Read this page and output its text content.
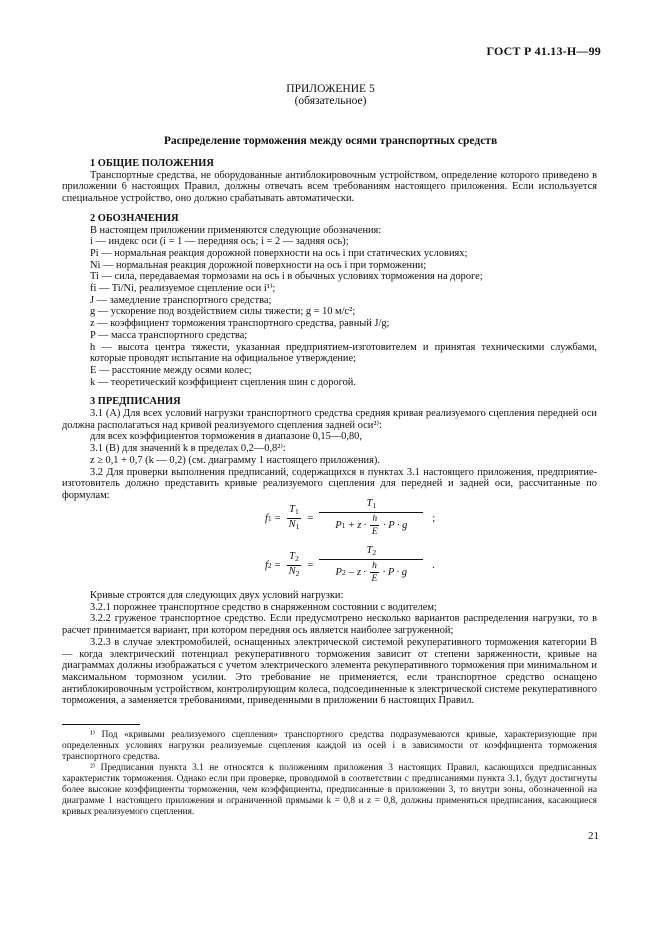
ГОСТ Р 41.13-Н—99
ПРИЛОЖЕНИЕ 5
(обязательное)
Распределение торможения между осями транспортных средств

1 ОБЩИЕ ПОЛОЖЕНИЯ

Транспортные средства, не оборудованные антиблокировочным устройством, определение которого приведено в приложении 6 настоящих Правил, должны отвечать всем требованиям настоящего приложения. Если используется специальное устройство, оно должно срабатывать автоматически.

2 ОБОЗНАЧЕНИЯ

В настоящем приложении применяются следующие обозначения:

i — индекс оси (i = 1 — передняя ось; i = 2 — задняя ось);

Pi — нормальная реакция дорожной поверхности на ось i при статических условиях;

Ni — нормальная реакция дорожной поверхности на ось i при торможении;

Ti — сила, передаваемая тормозами на ось i в обычных условиях торможения на дороге;

fi — Ti/Ni, реализуемое сцепление оси i¹⁾;

J — замедление транспортного средства;

g — ускорение под воздействием силы тяжести; g = 10 м/с²;

z — коэффициент торможения транспортного средства, равный J/g;

P — масса транспортного средства;

h — высота центра тяжести, указанная предприятием-изготовителем и принятая техническими службами, которые проводят испытание на официальное утверждение;

E — расстояние между осями колес;

k — теоретический коэффициент сцепления шин с дорогой.

3 ПРЕДПИСАНИЯ

3.1 (A) Для всех условий нагрузки транспортного средства средняя кривая реализуемого сцепления передней оси должна располагаться над кривой реализуемого сцепления задней оси²⁾:

для всех коэффициентов торможения в диапазоне 0,15—0,80,

3.1 (B) для значений k в пределах 0,2—0,8²⁾:

z ≥ 0,1 + 0,7 (k — 0,2) (см. диаграмму 1 настоящего приложения).

3.2 Для проверки выполнения предписаний, содержащихся в пунктах 3.1 настоящего приложения, предприятие-изготовитель должно представить кривые реализуемого сцепления для передней и задней оси, рассчитанные по формулам:

f $1 = \frac{T_1}{N_1}$ =
$T_1$
P $1 + z \cdot \frac{h}{E} \cdot P \cdot g$
;
f $2 = \frac{T_2}{N_2}$ =
$T_2$
P $2 - z \cdot \frac{h}{E} \cdot P \cdot g$
.

Кривые строятся для следующих двух условий нагрузки:

3.2.1 порожнее транспортное средство в снаряженном состоянии с водителем;

3.2.2 груженое транспортное средство. Если предусмотрено несколько вариантов распределения нагрузки, то в расчет принимается вариант, при котором передняя ось является наиболее загруженной;

3.2.3 в случае электромобилей, оснащенных электрической системой рекуперативного торможения категории B — когда электрический потенциал рекуперативного торможения зависит от степени заряженности, кривые на диаграммах должны изображаться с учетом электрического элемента рекуперативного торможения при минимальном и максимальном тормозном усилии. Это требование не применяется, если транспортное средство оснащено антиблокировочным устройством, контролирующим колеса, подсоединенные к электрической системе рекуперативного торможения, а заменяется требованиями, приведенными в приложении 6 настоящих Правил.

¹⁾ Под «кривыми реализуемого сцепления» транспортного средства подразумеваются кривые, характеризующие при определенных условиях нагрузки реализуемые сцепления каждой из осей i в зависимости от коэффициента торможения транспортного средства.

²⁾ Предписания пункта 3.1 не относятся к положениям приложения 3 настоящих Правил, касающихся предписанных характеристик торможения. Однако если при проверке, проводимой в соответствии с предписаниями пункта 3.1, будут достигнуты более высокие коэффициенты торможения, чем коэффициенты, предписанные в приложении 3, то внутри зоны, обозначенной на диаграмме 1 настоящего приложения и ограниченной прямыми k = 0,8 и z = 0,8, должны применяться предписания, касающиеся кривых реализуемого сцепления.

21
